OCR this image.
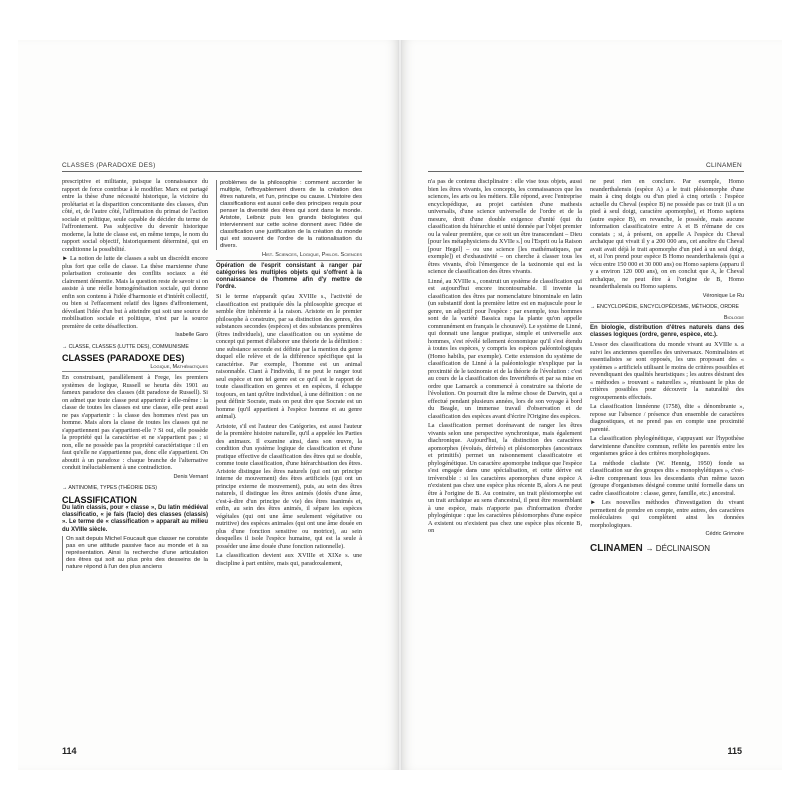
CLASSES (PARADOXE DES)

prescriptive et militante, puisque la connaissance du rapport de force contribue à le modifier. Marx est partagé entre la thèse d'une nécessité historique, la victoire du prolétariat et la disparition concomitante des classes, d'un côté, et, de l'autre côté, l'affirmation du primat de l'action sociale et politique, seule capable de décider du terme de l'affrontement. Pas subjective du devenir historique moderne, la lutte de classe est, en même temps, le nom du rapport social objectif, historiquement déterminé, qui en conditionne la possibilité.

► La notion de lutte de classes a subi un discrédit encore plus fort que celle de classe. La thèse marxienne d'une polarisation croissante des conflits sociaux a été clairement démentie. Mais la question reste de savoir si on assiste à une réelle homogénéisation sociale, qui donne enfin son contenu à l'idée d'harmonie et d'intérêt collectif, ou bien si l'effacement relatif des lignes d'affrontement, dévoilant l'idée d'un but à atteindre qui soit une source de mobilisation sociale et politique, n'est par la source première de cette désaffection.

Isabelle Garo
→ CLASSE, CLASSES (LUTTE DES), COMMUNISME
CLASSES (PARADOXE DES)
Logique, Mathématiques

En construisant, parallèlement à Frege, les premiers systèmes de logique, Russell se heurta dès 1901 au fameux paradoxe des classes (dit paradoxe de Russell). Si on admet que toute classe peut appartenir à elle-même : la classe de toutes les classes est une classe, elle peut aussi ne pas s'appartenir : la classe des hommes n'est pas un homme. Mais alors la classe de toutes les classes qui ne s'appartiennent pas s'appartient-elle ? Si oui, elle possède la propriété qui la caractérise et ne s'appartient pas ; si non, elle ne possède pas la propriété caractéristique : il en faut qu'elle ne s'appartienne pas, donc elle s'appartient. On aboutit à un paradoxe : chaque branche de l'alternative conduit inéluctablement à une contradiction.

Denis Vernant
→ ANTINOMIE, TYPES (THÉORIE DES)
CLASSIFICATION
Du latin classis, pour « classe », Du latin médiéval classificatio, « je fais (facio) des classes (classis) ». Le terme de « classification » apparaît au milieu du XVIIIe siècle.
On sait depuis Michel Foucault que classer ne consiste pas en une attitude passive face au monde et à sa représentation. Ainsi la recherche d'une articulation des êtres qui soit au plus près des desseins de la nature répond à l'un des plus anciens
problèmes de la philosophie : comment accorder le multiple, l'effroyablement divers de la création des êtres naturels, et l'un, principe ou cause. L'histoire des classifications est aussi celle des principes requis pour penser la diversité des êtres qui sont dans le monde. Aristote, Leibniz puis les grands biologistes qui interviennent sur cette scène donnent avec l'idée de classification une justification de la création du monde qui est souvent de l'ordre de la rationalisation du divers.
Hist. Sciences, Logique, Philos. Sciences
Opération de l'esprit consistant à ranger par catégories les multiples objets qui s'offrent à la connaissance de l'homme afin d'y mettre de l'ordre.

Si le terme n'apparaît qu'au XVIIIe s., l'activité de classification est pratiquée dès la philosophie grecque et semble être inhérente à la raison. Aristote en le premier philosophe à construire, par sa distinction des genres, des substances secondes (espèces) et des substances premières (êtres individuels), une classification ou un système de concept qui permet d'élaborer une théorie de la définition : une substance seconde est définie par la mention du genre duquel elle relève et de la différence spécifique qui la caractérise. Par exemple, l'homme est un animal raisonnable. Ciant à l'individu, il ne peut le ranger tout seul espèce et non tel genre est ce qu'il est le rapport de toute classification en genres et en espèces, il échappe toujours, en tant qu'être individuel, à une définition : on ne peut définir Socrate, mais on peut dire que Socrate est un homme (qu'il appartient à l'espèce homme et au genre animal).

Aristote, s'il est l'auteur des Catégories, est aussi l'auteur de la première histoire naturelle, qu'il a appelée les Parties des animaux. Il examine ainsi, dans son œuvre, la condition d'un système logique de classification et d'une pratique effective de classification des êtres qui se double, comme toute classification, d'une hiérarchisation des êtres. Aristote distingue les êtres naturels (qui ont un principe interne de mouvement) des êtres artificiels (qui ont un principe externe de mouvement), puis, au sein des êtres naturels, il distingue les êtres animés (dotés d'une âme, c'est-à-dire d'un principe de vie) des êtres inanimés et, enfin, au sein des êtres animés, il sépare les espèces végétales (qui ont une âme seulement végétative ou nutritive) des espèces animales (qui ont une âme douée en plus d'une fonction sensitive ou motrice), au sein desquelles il isole l'espèce humaine, qui est la seule à posséder une âme douée d'une fonction rationnelle).

La classification devient aux XVIIIe et XIXe s. une discipline à part entière, mais qui, paradoxalement,

114
CLINAMEN

n'a pas de contenu disciplinaire : elle vise tous objets, aussi bien les êtres vivants, les concepts, les connaissances que les sciences, les arts ou les métiers. Elle répond, avec l'entreprise encyclopédique, au projet cartésien d'une mathesis universalis, d'une science universelle de l'ordre et de la mesure, droit d'une double exigence d'unité (qui du classification du hiérarchie et unité donnée par l'objet premier ou la valeur première, que ce soit un être transcendant – Dieu [pour les métaphysiciens du XVIIe s.] ou l'Esprit ou la Raison [pour Hegel] – ou une science [les mathématiques, par exemple]) et d'exhaustivité – on cherche à classer tous les êtres vivants, d'où l'émergence de la taxinomie qui est la science de classification des êtres vivants.

Linné, au XVIIIe s., construit un système de classification qui est aujourd'hui encore incontournable. Il invente la classification des êtres par nomenclature binominale en latin (un substantif dont la première lettre est en majuscule pour le genre, un adjectif pour l'espèce : par exemple, tous hommes sont de la variété Bassica rapa la plante qu'on appelle communément en français le chouravé). Le système de Linné, qui donnait une langue pratique, simple et universelle aux hommes, s'est révélé tellement économique qu'il s'est étendu à toutes les espèces, y compris les espèces paléontologiques (Homo habilis, par exemple). Cette extension du système de classification de Linné à la paléontologie n'explique par la proximité de le taxinomie et de la théorie de l'évolution : c'est au cours de la classification des Invertébrés et par sa mise en ordre que Lamarck a commencé à construire sa théorie de l'évolution. On pourrait dire la même chose de Darwin, qui a effectué pendant plusieurs années, lors de son voyage à bord du Beagle, un immense travail d'observation et de classification des espèces avant d'écrire l'Origine des espèces.

La classification permet dorénavant de ranger les êtres vivants selon une perspective synchronique, mais également diachronique. Aujourd'hui, la distinction des caractères apomorphes (évolués, dérivés) et plésiomorphes (ancestraux et primitifs) permet un raisonnement classificatoire et phylogénétique. Un caractère apomorphe indique que l'espèce s'est engagée dans une spécialisation, et cette dérive est irréversible : si les caractères apomorphes d'une espèce A n'existent pas chez une espèce plus récente B, alors A ne peut être à l'origine de B. Au contraire, un trait plésiomorphe est un trait archaïque au sens d'ancestral, il peut être ressemblant à une espèce, mais n'apporte pas d'information d'ordre phylogénique : que les caractères plésiomorphes d'une espèce A existent ou n'existent pas chez une espèce plus récente B, on

ne peut rien en conclure. Par exemple, Homo neanderthalensis (espèce A) a le trait plésiomorphe d'une main à cinq doigts ou d'un pied à cinq orteils : l'espèce actuelle du Cheval (espèce B) ne possède pas ce trait (il a un pied à seul doigt, caractère apomorphe), et Homo sapiens (autre espèce B), en revanche, le possède, mais aucune information classificatoire entre A et B n'émane de ces constats ; si, à présent, on appelle A l'espèce du Cheval archaïque qui vivait il y a 200 000 ans, cet ancêtre du Cheval avait avait déjà le trait apomorphe d'un pied à un seul doigt, et, si l'on prend pour espèce B Homo neanderthalensis (qui a vécu entre 150 000 et 30 000 ans) ou Homo sapiens (apparu il y a environ 120 000 ans), on en conclut que A, le Cheval archaïque, ne peut être à l'origine de B, Homo neanderthalensis ou Homo sapiens.

Véronique Le Ru
→ ENCYCLOPÉDIE, ENCYCLOPÉDISME, MÉTHODE, ORDRE
Biologie
En biologie, distribution d'êtres naturels dans des classes logiques (ordre, genre, espèce, etc.).

L'essor des classifications du monde vivant au XVIIIe s. a suivi les anciennes querelles des universaux. Nominalistes et essentialistes se sont opposés, les uns proposant des « systèmes » artificiels utilisant le moins de critères possibles et revendiquant des qualités heuristiques ; les autres désirant des « méthodes » trouvant « naturelles », réunissant le plus de critères possibles pour découvrir la naturalité des regroupements effectués.

La classification linnéenne (1758), dite « dénombrante », repose sur l'absence / présence d'un ensemble de caractères diagnostiques, et ne prend pas en compte une proximité parenté.

La classification phylogénétique, s'appuyant sur l'hypothèse darwinienne d'ancêtre commun, reflète les parentés entre les organismes grâce à des critères morphologiques.

La méthode cladiste (W. Hennig, 1950) fonde sa classification sur des groupes dits « monophylétiques », c'est-à-dire comprenant tous les descendants d'un même taxon (groupe d'organismes désigné comme unité formelle dans un cadre classificatoire : classe, genre, famille, etc.) ancestral.

► Les nouvelles méthodes d'investigation du vivant permettent de prendre en compte, entre autres, des caractères moléculaires qui complètent ainsi les données morphologiques.

Cédric Grimoire
CLINAMEN → DÉCLINAISON
115
